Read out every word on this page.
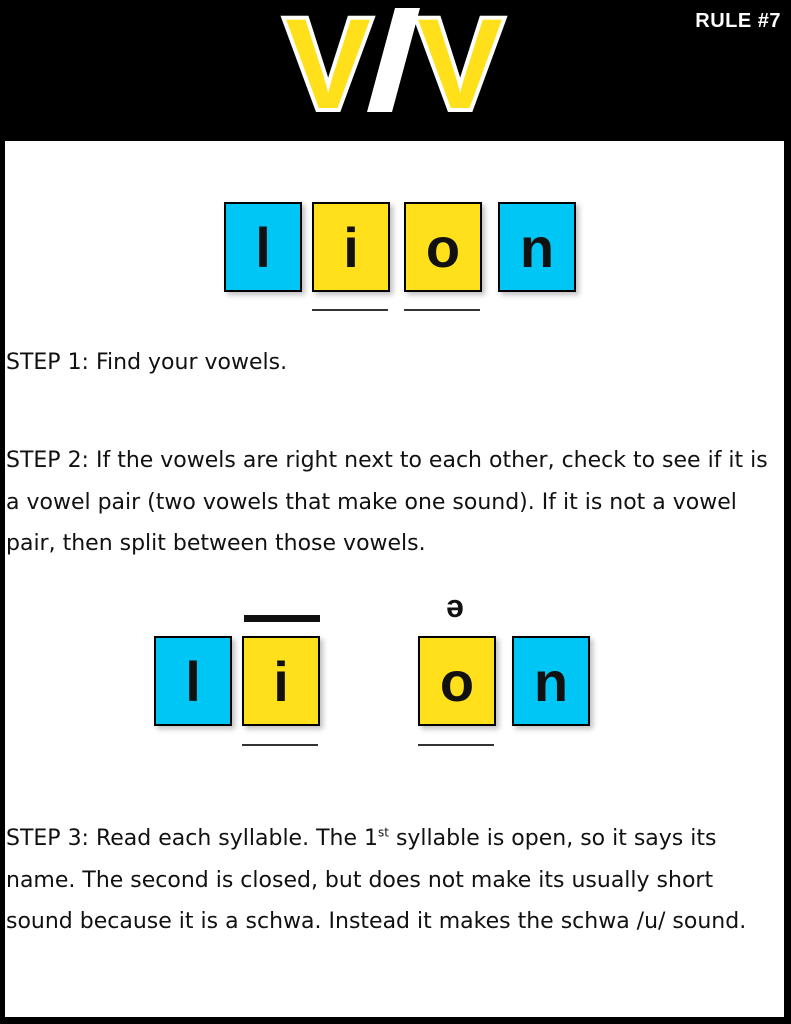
V V	RULE #7
l	i	o	n
STEP 1: Find your vowels.
STEP 2: If the vowels are right next to each other, check to see if it is a vowel pair (two vowels that make one sound). If it is not a vowel pair, then split between those vowels.
ə
l	i	o	n
STEP 3: Read each syllable. The 1st syllable is open, so it says its name. The second is closed, but does not make its usually short sound because it is a schwa. Instead it makes the schwa /u/ sound.
